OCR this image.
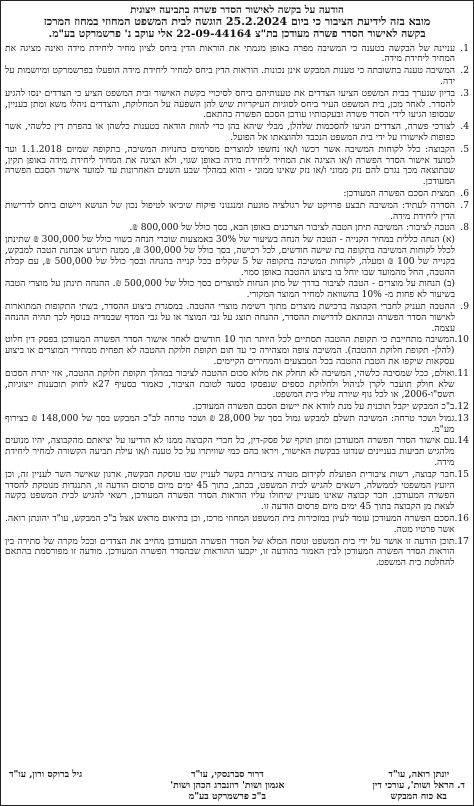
הודעה על בקשה לאישור הסדר פשרה בתביעה ייצוגית
מובא בזה לידיעת הציבור כי ביום 25.2.2024 הוגשה לבית המשפט המחוזי במחוז המרכז
בקשה לאישור הסדר פשרה מעודכן בת"צ 22-09-44164 אלי עוקב נ' פרשמרקט בע"מ.
1.
עניינה של הבקשה בטענה כי המשיבה מפרה באופן מגמתי את הוראות הדין ביחס לציון מחיר ליחידת מידה ואינה מציגה את המחיר ליחידת מידה.
2.
המשיבה טענה בתשובתה כי טענות המבקש אינן נכונות. הוראות הדין ביחס למחיר ליחידת מידה הופעלו בפרשמרקט ומיושמות על ידה.
3.
בדיון שנערך בבית המשפט הציעו הצדדים את טענותיהם ביחס לסיכויי בקשת האישור ובית המשפט הציע כי הצדדים ינסו להגיע להסדר. לאחר מכן, בית המשפט העיר ביחס לסוגיות העיקריות שיש להן השפעה על המחלוקת, והצדדים ניהלו משא ומתן בעניין, שבסופו הגיעו לידי הסדר פשרה ובעקבותיו עודכן הסכם הפשרה בהתאם.
4.
לצורכי פשרה, הצדדים הגיעו להסכמות שלהלן, מבלי שיהא בהן כדי להוות הודאה בטענות כלשהן או בהפרת דין כלשהי, אשר כפופות לאישורו על ידי בית המשפט הנכבד ולהוצאתו אל הפועל.
5.
הקבוצה: כלל לקוחות המשיבה אשר רכשו ו/או נחשפו למוצרים מסוימים בחנויות המשיבה, בתקופה שמיום 1.1.2018 ועד למועד אישור הסדר הפשרה ו/או הציגה את המחיר ליחידת מידה באופן שגוי, ולא הציגה את המחיר ליחידת מידה באופן תקין, שכתוצאה מכך נגרם להם נזק ממוני ו/או נזק שאינו ממוני - והוא במהלך שבע השנים האחרונות עד למועד אישור הסכם הפשרה המעודכן.
6.
תמצית הסכם הפשרה המעודכן:
7.
הסדרה לעתיד: המשיבה תבצע פרויקט של רגולציה מונעת ומנגנוני פיקוח שיביאו לטיפול נכון של הנושא ויישום ביחס לדרישות הדין ליחידת מידה.
8.
הטבה לציבור: המשיבה תיתן הטבה לציבור הצרכנים באופן הבא, בסך כולל של 800,000 ₪.
(א) הנחה כללית במחיר הקנייה - הטבה של הנחה בשיעור של 30% באמצעות שוברי הנחה בשווי כולל של 300,000 ₪ שתינתן לכלל לקוחות המשיבה בתקופה בת שישה חודשים, לכל רכישה, בסך כולל של 300,000 ₪, ממנה תיגרע אבחנת הטבה למבקש, בקנייה של 100 ₪ ומעלה, לקוחות המשיבה בתקופה של 5 שקלים בכל קנייה בהנחה ובסך כולל של 500,000 ₪, עם קבלת ההטבה, החל מהמועד שבו יוחל בו ביצוע ההטבה באופן סמוי.
(ב) הנחות על מוצרים - הטבה לציבור בדרך של מתן הנחות למוצרים בסך כולל של 500,000 ₪. ההנחה תינתן על מוצרי הטבה בשיעור לא פחות מ- 10% בהשוואה למחיר המוצר המקורי.
9.
ההטבה תעניק לחברי הקבוצה ברכישת מוצרים מתוך רשימת מוצרי ההטבה. במסגרת ביצוע ההסדר, בשתי התקופות המתוארות לאישור הסדר הפשרה ובהתאם לדרישות ההסדר, ההנחה תוצג על גבי המוצר או על גבי המדף שבמדיה בנוסף לכך תהיה ההנחה עצמה.
10.
המשיבה מתחייבת כי תקופת ההטבה תסתיים לכל היותר תוך 10 חודשים לאחר אישור הסדר הפשרה המעודכן בפסק דין חלוט (להלן- תקופת חלוקת ההטבה). המשיבה צופה ומצהירה כי עד תום תקופת חלוקת ההטבה לא תפחית ממחירי המוצרים או ביצוע עסקאות שיקפו את הטבת ההטבה בכל המבצעים והמחירים הקיימים.
11.
ואולם, ככל שמסיבה כלשהי, המשיבה לא תחלק את מלוא סכום ההטבה לציבור במהלך תקופת חלוקת ההטבה, אזי יתרת הסכום שלא חולק תועבר לקרן לניהול ולחלוקת כספים שנפסקו כסעד לטובת הציבור, כאמור בסעיף 27א לחוק תובענות ייצוגיות, תשס"ו-2006, או לכל גוף שיורה עליו בית המשפט.
12.
ב"כ המבקש יקבל תוכנית על מנת לוודא את יישום הסכם הפשרה המעודכן.
13.
גמול ושכר טרחה: המשיבה תשלם למבקש גמול בסך של 28,000 ₪ ושכר טרחה לב"כ המבקש בסך של 148,000 ₪ בצירוף מע"מ.
14.
עם אישור הסדר הפשרה המעודכן ומתן תוקף של פסק-דין, כל חברי הקבוצה ממנו לא הודיעו על יציאתם מהקבוצה, יהיו מנועים מלהגיש תביעות בעניינים שנדונו בבקשת האישור, ויראו בהם כמי שוויתרו על כל טענה ו/או עילת תביעה הקשורה למחיר ליחידת מידה.
15.
חבר קבוצה, רשות ציבורית הפועלת לקידום מטרה ציבורית בקשר לעניין שבו עוסקת הבקשה, ארגון שאישר השר לעניין זה, וכן היועץ המשפטי לממשלה, רשאים להגיש לבית המשפט, בכתב, בתוך 45 ימים מיום פרסום הודעה זו, התנגדות מנומקת להסדר הפשרה המעודכן. חבר קבוצה שאינו מעוניין שיחולו עליו הוראות הסדר הפשרה המעודכן, רשאי להגיש לבית המשפט בקשה לצאת מן הקבוצה בתוך 45 ימים מיום פרסום הודעה זו.
16.
הסכם הפשרה המעודכן עומד לעיון במזכירות בית המשפט המחוזי מרכז, וכן בתיאום מראש אצל ב"כ המבקש, עו"ד יהונתן רואה. אשר פרטיו מטה.
17.
תוכן הודעה זו אושר על ידי בית המשפט ונוסח המלא של הסדר הפשרה המעודכן מחייב את הצדדים ובכל מקרה של סתירה בין הוראות הסדר הפשרה המעודכן לבין האמור בהודעה זו, יקבעו ההוראות שבהסדר הפשרה המעודכן. מודעה זו מפורסמת בהתאם להחלטת בית המשפט.
יונתן רואה, עו"ד
ד. הראל ושות', עורכי דין
בא כוח המבקש
דרור סברנסקי, עו"ד
אגמון ושות' רוזנברג הכהן ושות'
ב"כ פרשמרקט בע"מ
גיל ברוקס ורון, עו"ד
